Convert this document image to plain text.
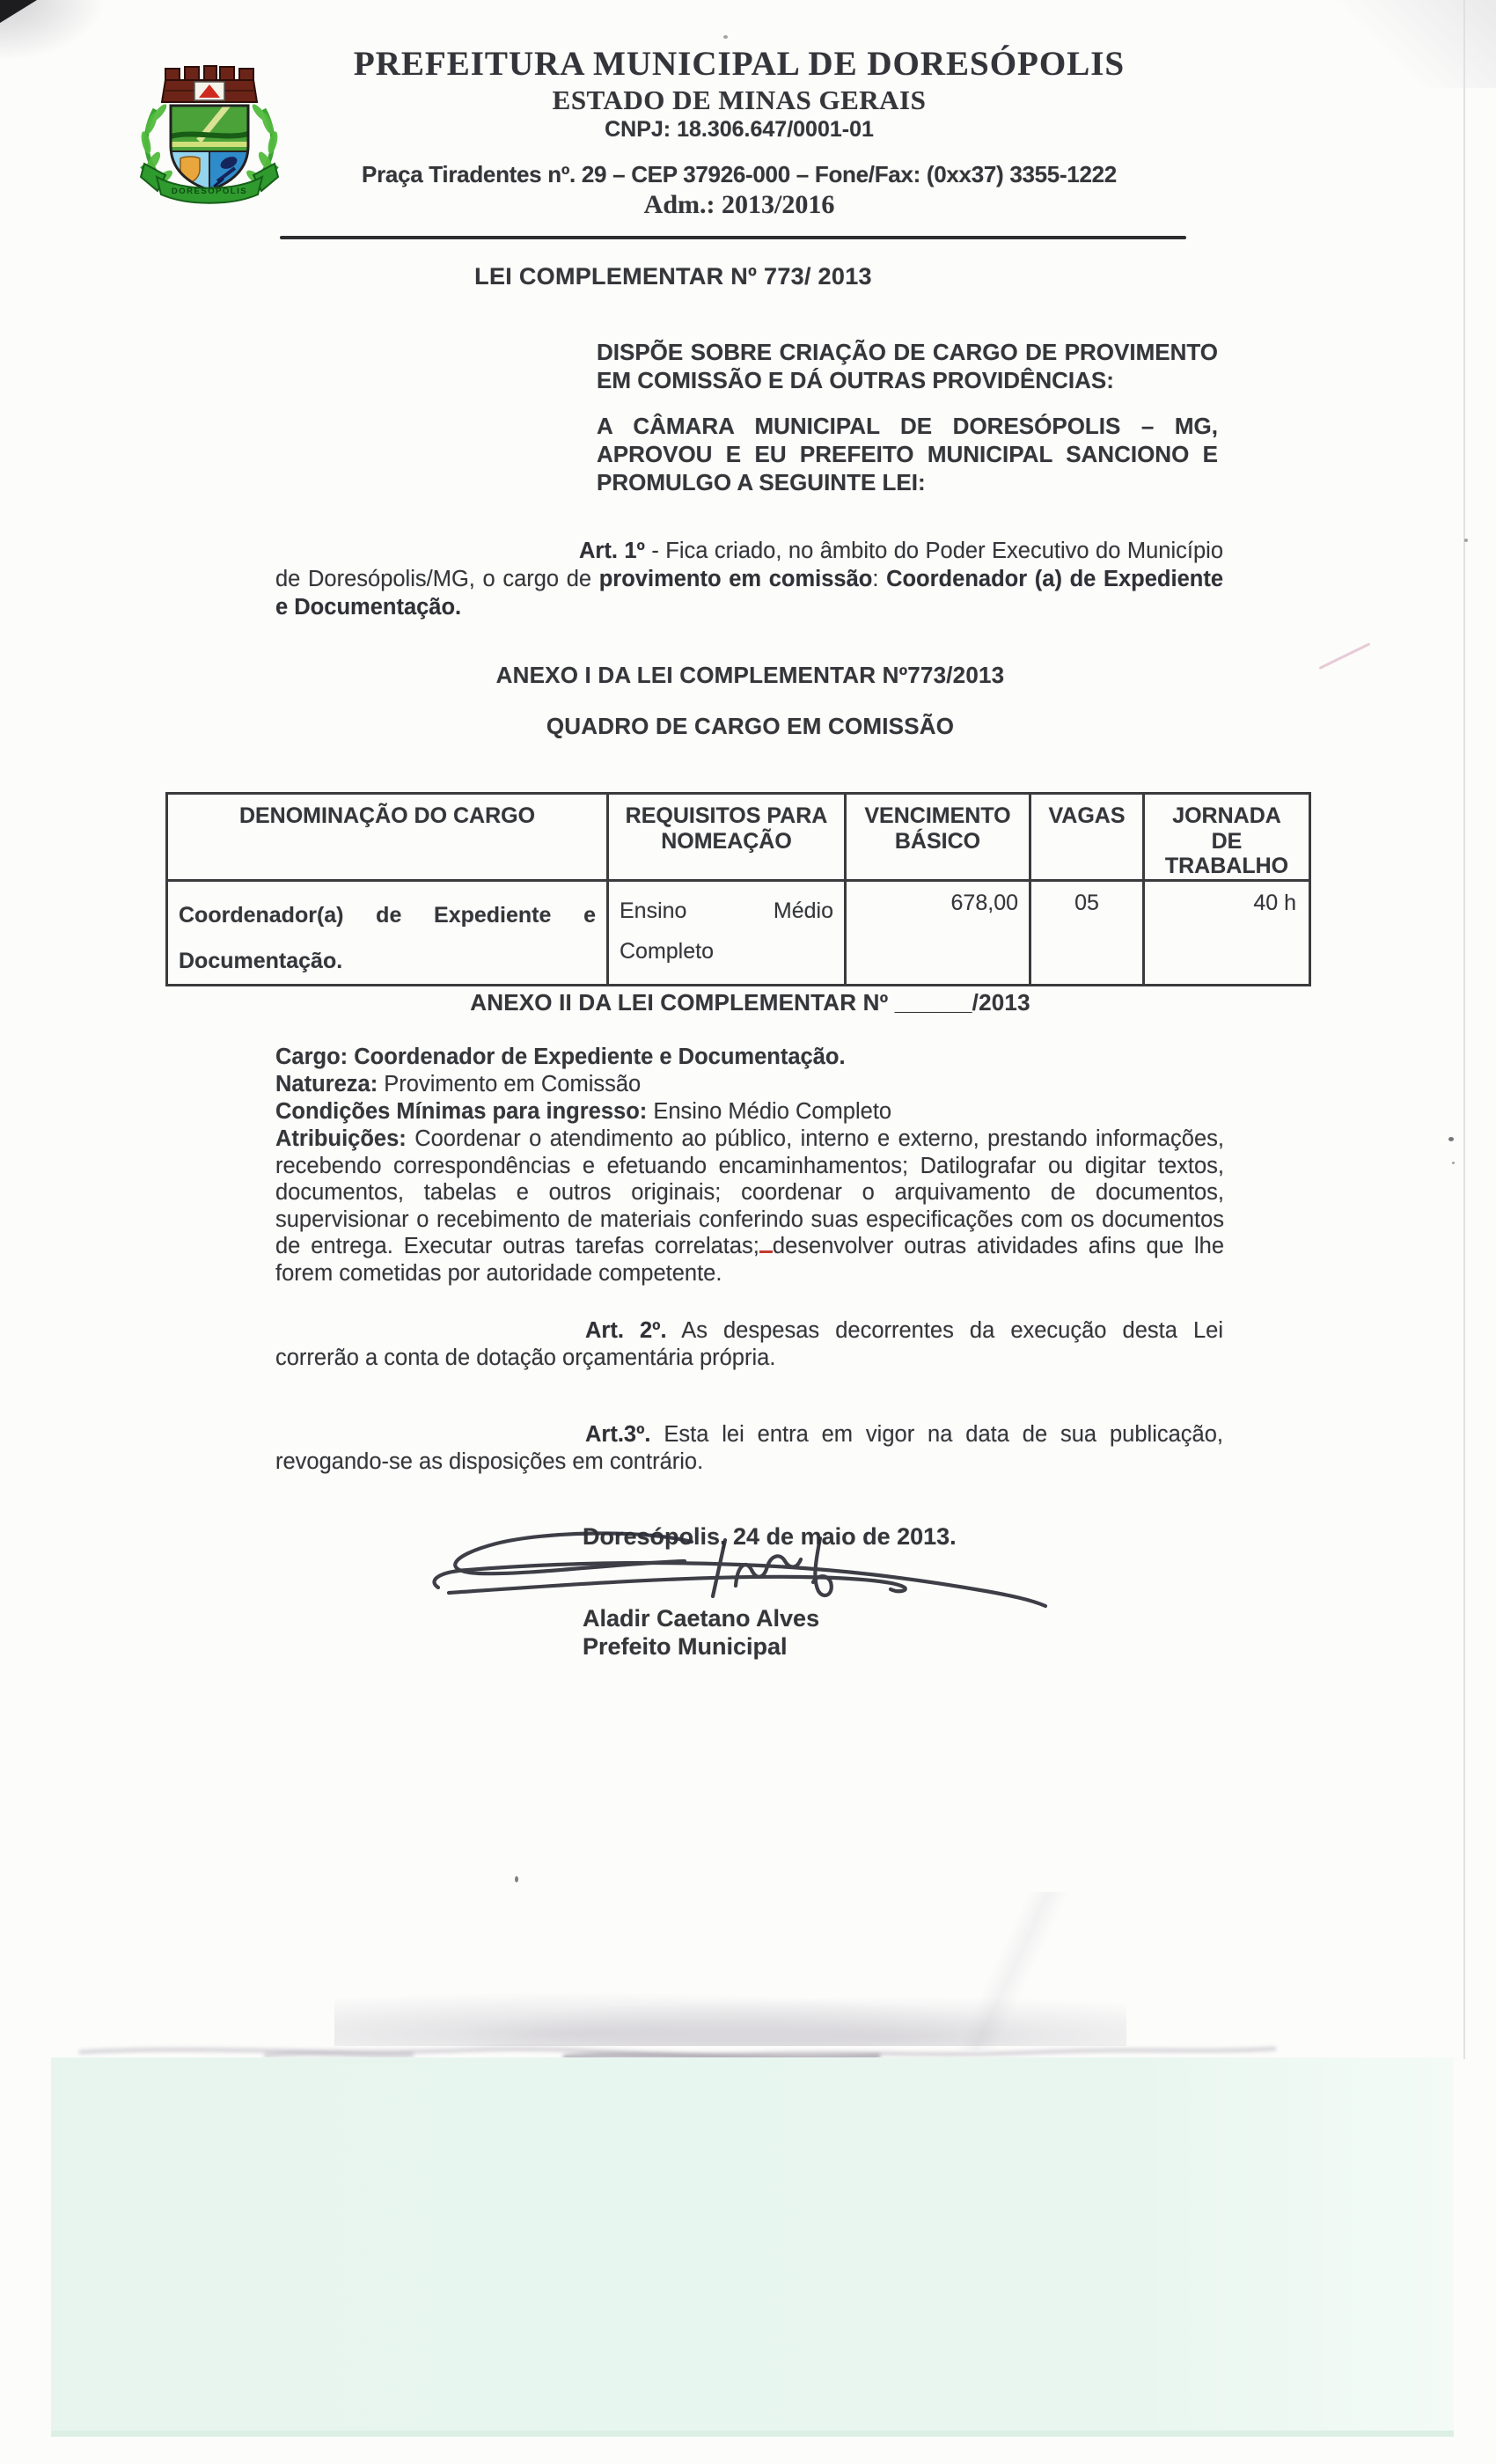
DORESÓPOLIS
PREFEITURA MUNICIPAL DE DORESÓPOLIS
ESTADO DE MINAS GERAIS
CNPJ: 18.306.647/0001-01
Praça Tiradentes nº. 29 – CEP 37926-000 – Fone/Fax: (0xx37) 3355-1222
Adm.: 2013/2016
LEI COMPLEMENTAR Nº 773/ 2013

DISPÕE SOBRE CRIAÇÃO DE CARGO DE PROVIMENTO EM COMISSÃO E DÁ OUTRAS PROVIDÊNCIAS:

A CÂMARA MUNICIPAL DE DORESÓPOLIS – MG, APROVOU E EU PREFEITO MUNICIPAL SANCIONO E PROMULGO A SEGUINTE LEI:

Art. 1º - Fica criado, no âmbito do Poder Executivo do Município de Doresópolis/MG, o cargo de provimento em comissão: Coordenador (a) de Expediente e Documentação.

ANEXO I DA LEI COMPLEMENTAR Nº773/2013
QUADRO DE CARGO EM COMISSÃO
DENOMINAÇÃO DO CARGO	REQUISITOS PARA NOMEAÇÃO	VENCIMENTO BÁSICO	VAGAS	JORNADA DE TRABALHO
Coordenador(a) de Expediente e Documentação.	Ensino Médio Completo	678,00	05	40 h
ANEXO II DA LEI COMPLEMENTAR Nº ______/2013
Cargo: Coordenador de Expediente e Documentação.
Natureza: Provimento em Comissão
Condições Mínimas para ingresso: Ensino Médio Completo

Atribuições: Coordenar o atendimento ao público, interno e externo, prestando informações, recebendo correspondências e efetuando encaminhamentos; Datilografar ou digitar textos, documentos, tabelas e outros originais; coordenar o arquivamento de documentos, supervisionar o recebimento de materiais conferindo suas especificações com os documentos de entrega. Executar outras tarefas correlatas; desenvolver outras atividades afins que lhe forem cometidas por autoridade competente.

Art. 2º. As despesas decorrentes da execução desta Lei correrão a conta de dotação orçamentária própria.

Art.3º. Esta lei entra em vigor na data de sua publicação, revogando-se as disposições em contrário.

Doresópolis, 24 de maio de 2013.
Aladir Caetano Alves
Prefeito Municipal
